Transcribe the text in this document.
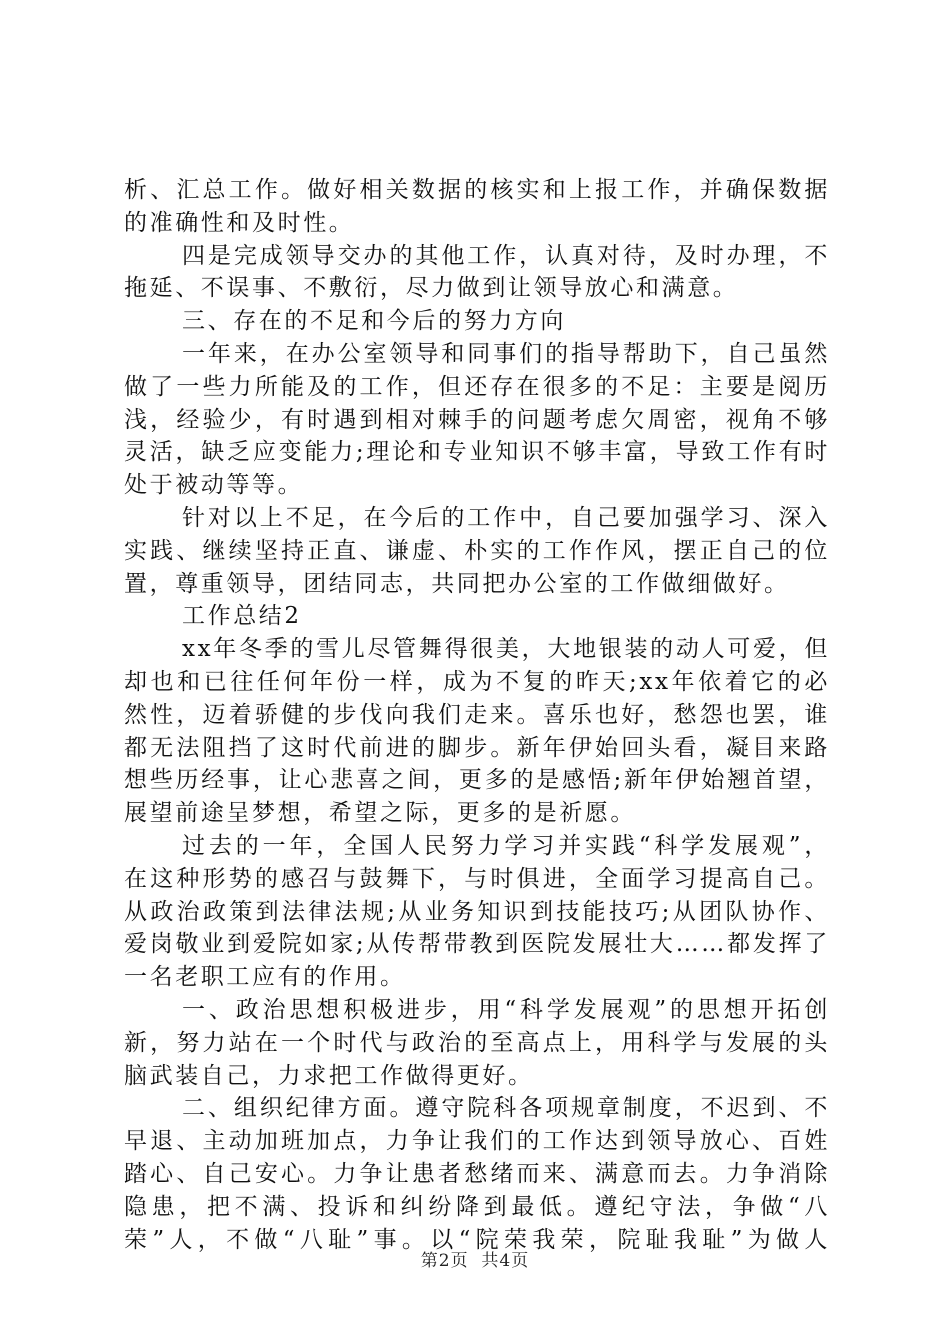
析、汇总工作。做好相关数据的核实和上报工作，并确保数据
的准确性和及时性。
四是完成领导交办的其他工作，认真对待，及时办理，不
拖延、不误事、不敷衍，尽力做到让领导放心和满意。
三、存在的不足和今后的努力方向
一年来，在办公室领导和同事们的指导帮助下，自己虽然
做了一些力所能及的工作，但还存在很多的不足：主要是阅历
浅，经验少，有时遇到相对棘手的问题考虑欠周密，视角不够
灵活，缺乏应变能力;理论和专业知识不够丰富，导致工作有时
处于被动等等。
针对以上不足，在今后的工作中，自己要加强学习、深入
实践、继续坚持正直、谦虚、朴实的工作作风，摆正自己的位
置，尊重领导，团结同志，共同把办公室的工作做细做好。
工作总结2
xx年冬季的雪儿尽管舞得很美，大地银装的动人可爱，但
却也和已往任何年份一样，成为不复的昨天;xx年依着它的必
然性，迈着骄健的步伐向我们走来。喜乐也好，愁怨也罢，谁
都无法阻挡了这时代前进的脚步。新年伊始回头看，凝目来路
想些历经事，让心悲喜之间，更多的是感悟;新年伊始翘首望，
展望前途呈梦想，希望之际，更多的是祈愿。
过去的一年，全国人民努力学习并实践“科学发展观”，
在这种形势的感召与鼓舞下，与时俱进，全面学习提高自己。
从政治政策到法律法规;从业务知识到技能技巧;从团队协作、
爱岗敬业到爱院如家;从传帮带教到医院发展壮大……都发挥了
一名老职工应有的作用。
一、政治思想积极进步，用“科学发展观”的思想开拓创
新，努力站在一个时代与政治的至高点上，用科学与发展的头
脑武装自己，力求把工作做得更好。
二、组织纪律方面。遵守院科各项规章制度，不迟到、不
早退、主动加班加点，力争让我们的工作达到领导放心、百姓
踏心、自己安心。力争让患者愁绪而来、满意而去。力争消除
隐患，把不满、投诉和纠纷降到最低。遵纪守法，争做“八
荣”人，不做“八耻”事。以“院荣我荣，院耻我耻”为做人
第2页  共4页
